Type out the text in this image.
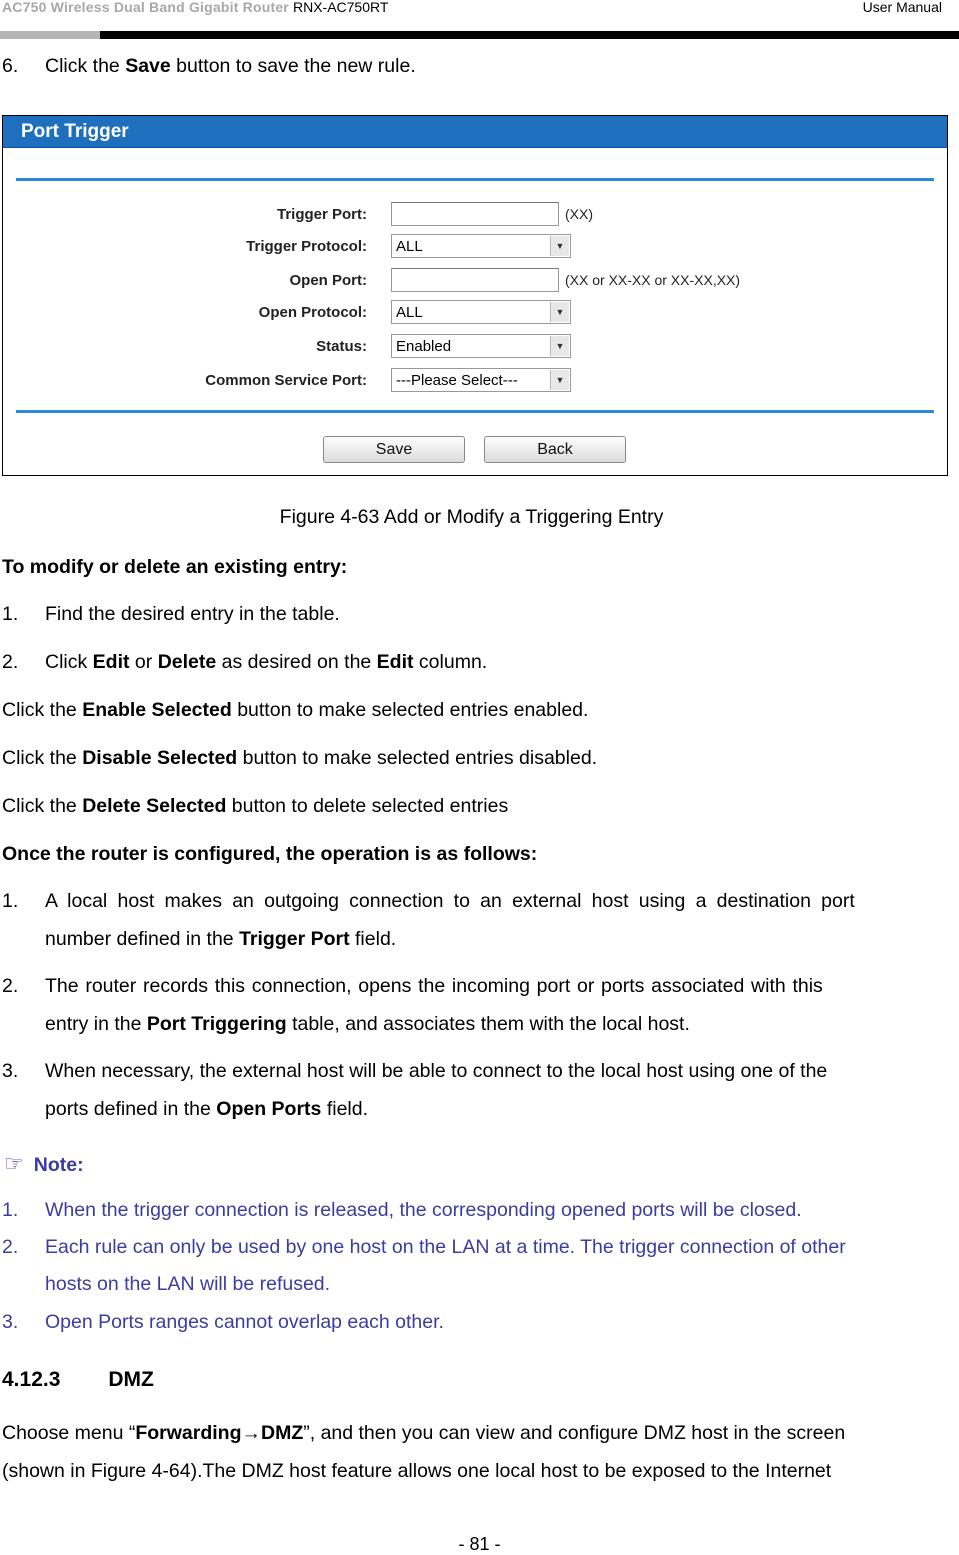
AC750 Wireless Dual Band Gigabit Router RNX-AC750RT	User Manual
6. Click the Save button to save the new rule.
Port Trigger
Trigger Port:	(XX)
Trigger Protocol:	ALL	▼
Open Port:	(XX or XX-XX or XX-XX,XX)
Open Protocol:	ALL	▼
Status:	Enabled	▼
Common Service Port:	---Please Select---	▼
Save	Back
Figure 4-63 Add or Modify a Triggering Entry
To modify or delete an existing entry:
1. Find the desired entry in the table.
2. Click Edit or Delete as desired on the Edit column.
Click the Enable Selected button to make selected entries enabled.
Click the Disable Selected button to make selected entries disabled.
Click the Delete Selected button to delete selected entries
Once the router is configured, the operation is as follows:
1. A local host makes an outgoing connection to an external host using a destination port
number defined in the Trigger Port field.
2. The router records this connection, opens the incoming port or ports associated with this
entry in the Port Triggering table, and associates them with the local host.
3. When necessary, the external host will be able to connect to the local host using one of the
ports defined in the Open Ports field.
☞ Note:
1. When the trigger connection is released, the corresponding opened ports will be closed.
2. Each rule can only be used by one host on the LAN at a time. The trigger connection of other
hosts on the LAN will be refused.
3. Open Ports ranges cannot overlap each other.
4.12.3 DMZ
Choose menu “Forwarding→DMZ”, and then you can view and configure DMZ host in the screen
(shown in Figure 4-64).The DMZ host feature allows one local host to be exposed to the Internet
- 81 -
